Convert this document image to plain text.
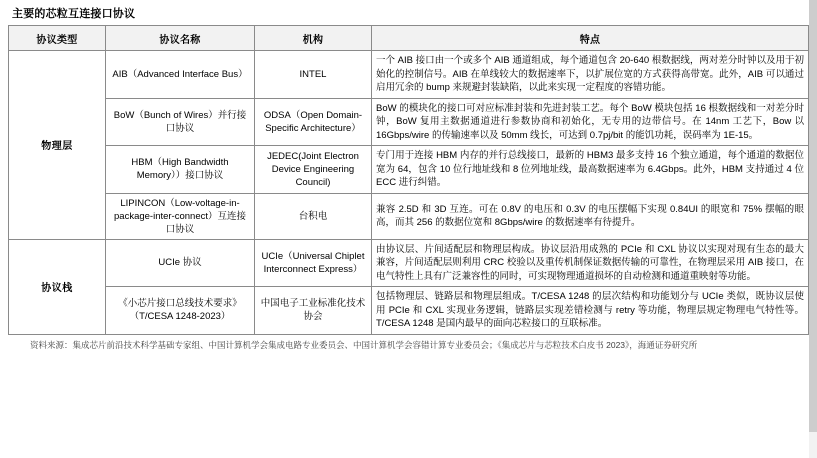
主要的芯粒互连接口协议
协议类型	协议名称	机构	特点
物理层	AIB（Advanced Interface Bus）	INTEL	一个 AIB 接口由一个或多个 AIB 通道组成，每个通道包含 20-640 根数据线，两对差分时钟以及用于初始化的控制信号。AIB 在单线较大的数据速率下，以扩展位宽的方式获得高带宽。此外，AIB 可以通过启用冗余的 bump 来规避封装缺陷，以此来实现一定程度的容错功能。
	BoW（Bunch of Wires）并行接口协议	ODSA（Open Domain-Specific Architecture）	BoW 的模块化的接口可对应标准封装和先进封装工艺。每个 BoW 模块包括 16 根数据线和一对差分时钟，BoW 复用主数据通道进行参数协商和初始化，无专用的边带信号。在 14nm 工艺下，Bow 以 16Gbps/wire 的传输速率以及 50mm 线长，可达到 0.7pj/bit 的能饥功耗，误码率为 1E-15。
	HBM（High Bandwidth Memory））接口协议	JEDEC(Joint Electron Device Engineering Council)	专门用于连接 HBM 内存的并行总线接口，最新的 HBM3 最多支持 16 个独立通道，每个通道的数据位宽为 64，包含 10 位行地址线和 8 位列地址线，最高数据速率为 6.4Gbps。此外，HBM 支持通过 4 位 ECC 进行纠错。
	LIPINCON（Low-voltage-in-package-inter-connect）互连接口协议	台积电	兼容 2.5D 和 3D 互连。可在 0.8V 的电压和 0.3V 的电压摆幅下实现 0.84UI 的眼宽和 75% 摆幅的眼高，而其 256 的数据位宽和 8Gbps/wire 的数据速率有待提升。
协议栈	UCIe 协议	UCIe（Universal Chiplet Interconnect Express）	由协议层、片间适配层和物理层构成。协议层沿用成熟的 PCIe 和 CXL 协议以实现对现有生态的最大兼容，片间适配层则利用 CRC 校验以及重传机制保证数据传输的可靠性，在物理层采用 AIB 接口，在电气特性上具有广泛兼容性的同时，可实现物理通道损坏的自动检测和通道重映射等功能。
	《小芯片接口总线技术要求》（T/CESA 1248-2023）	中国电子工业标准化技术协会	包括物理层、链路层和物理层组成。T/CESA 1248 的层次结构和功能划分与 UCIe 类似，既协议层使用 PCIe 和 CXL 实现业务逻辑，链路层实现差错检测与 retry 等功能，物理层规定物理电气特性等。T/CESA 1248 是国内最早的面向芯粒接口的互联标准。
资料来源：集成芯片前沿技术科学基础专家组、中国计算机学会集成电路专业委员会、中国计算机学会容错计算专业委员会；《集成芯片与芯粒技术白皮书 2023》，海通证券研究所
